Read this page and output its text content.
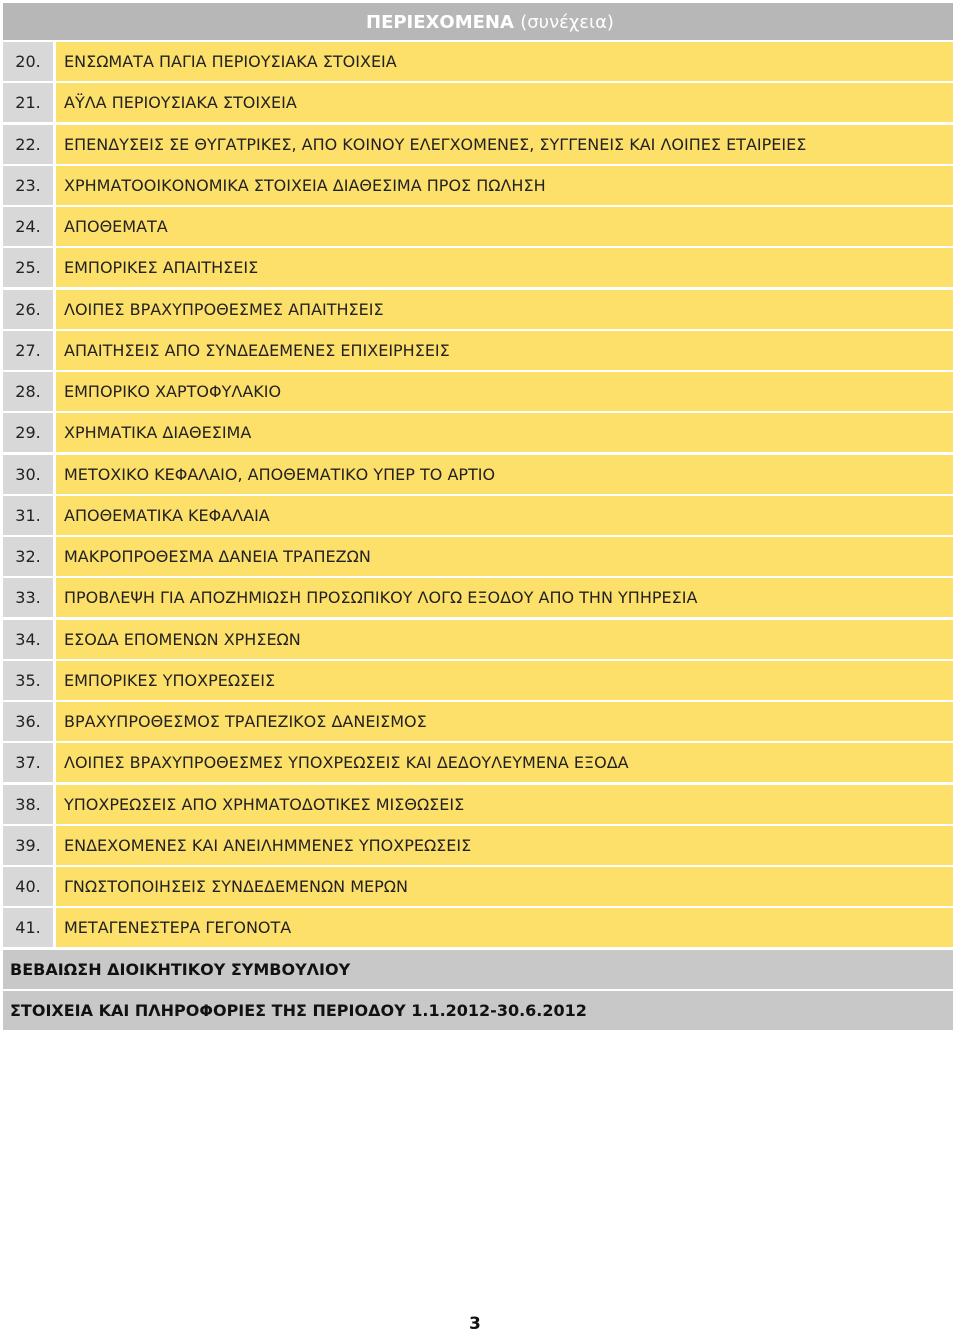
ΠΕΡΙΕΧΟΜΕΝΑ (συνέχεια)
20.	ΕΝΣΩΜΑΤΑ ΠΑΓΙΑ ΠΕΡΙΟΥΣΙΑΚΑ ΣΤΟΙΧΕΙΑ
21.	ΑΫΛΑ ΠΕΡΙΟΥΣΙΑΚΑ ΣΤΟΙΧΕΙΑ
22.	ΕΠΕΝΔΥΣΕΙΣ ΣΕ ΘΥΓΑΤΡΙΚΕΣ, ΑΠΟ ΚΟΙΝΟΥ ΕΛΕΓΧΟΜΕΝΕΣ, ΣΥΓΓΕΝΕΙΣ ΚΑΙ ΛΟΙΠΕΣ ΕΤΑΙΡΕΙΕΣ
23.	ΧΡΗΜΑΤΟΟΙΚΟΝΟΜΙΚΑ ΣΤΟΙΧΕΙΑ ΔΙΑΘΕΣΙΜΑ ΠΡΟΣ ΠΩΛΗΣΗ
24.	ΑΠΟΘΕΜΑΤΑ
25.	ΕΜΠΟΡΙΚΕΣ ΑΠΑΙΤΗΣΕΙΣ
26.	ΛΟΙΠΕΣ ΒΡΑΧΥΠΡΟΘΕΣΜΕΣ ΑΠΑΙΤΗΣΕΙΣ
27.	ΑΠΑΙΤΗΣΕΙΣ ΑΠΟ ΣΥΝΔΕΔΕΜΕΝΕΣ ΕΠΙΧΕΙΡΗΣΕΙΣ
28.	ΕΜΠΟΡΙΚΟ ΧΑΡΤΟΦΥΛΑΚΙΟ
29.	ΧΡΗΜΑΤΙΚΑ ΔΙΑΘΕΣΙΜΑ
30.	ΜΕΤΟΧΙΚΟ ΚΕΦΑΛΑΙΟ, ΑΠΟΘΕΜΑΤΙΚΟ ΥΠΕΡ ΤΟ ΑΡΤΙΟ
31.	ΑΠΟΘΕΜΑΤΙΚΑ ΚΕΦΑΛΑΙΑ
32.	ΜΑΚΡΟΠΡΟΘΕΣΜΑ ΔΑΝΕΙΑ ΤΡΑΠΕΖΩΝ
33.	ΠΡΟΒΛΕΨΗ ΓΙΑ ΑΠΟΖΗΜΙΩΣΗ ΠΡΟΣΩΠΙΚΟΥ ΛΟΓΩ ΕΞΟΔΟΥ ΑΠΟ ΤΗΝ ΥΠΗΡΕΣΙΑ
34.	ΕΣΟΔΑ ΕΠΟΜΕΝΩΝ ΧΡΗΣΕΩΝ
35.	ΕΜΠΟΡΙΚΕΣ ΥΠΟΧΡΕΩΣΕΙΣ
36.	ΒΡΑΧΥΠΡΟΘΕΣΜΟΣ ΤΡΑΠΕΖΙΚΟΣ ΔΑΝΕΙΣΜΟΣ
37.	ΛΟΙΠΕΣ ΒΡΑΧΥΠΡΟΘΕΣΜΕΣ ΥΠΟΧΡΕΩΣΕΙΣ ΚΑΙ ΔΕΔΟΥΛΕΥΜΕΝΑ ΕΞΟΔΑ
38.	ΥΠΟΧΡΕΩΣΕΙΣ ΑΠΟ ΧΡΗΜΑΤΟΔΟΤΙΚΕΣ ΜΙΣΘΩΣΕΙΣ
39.	ΕΝΔΕΧΟΜΕΝΕΣ ΚΑΙ ΑΝΕΙΛΗΜΜΕΝΕΣ ΥΠΟΧΡΕΩΣΕΙΣ
40.	ΓΝΩΣΤΟΠΟΙΗΣΕΙΣ ΣΥΝΔΕΔΕΜΕΝΩΝ ΜΕΡΩΝ
41.	ΜΕΤΑΓΕΝΕΣΤΕΡΑ ΓΕΓΟΝΟΤΑ
ΒΕΒΑΙΩΣΗ ΔΙΟΙΚΗΤΙΚΟΥ ΣΥΜΒΟΥΛΙΟΥ
ΣΤΟΙΧΕΙΑ ΚΑΙ ΠΛΗΡΟΦΟΡΙΕΣ ΤΗΣ ΠΕΡΙΟΔΟΥ 1.1.2012-30.6.2012
3
